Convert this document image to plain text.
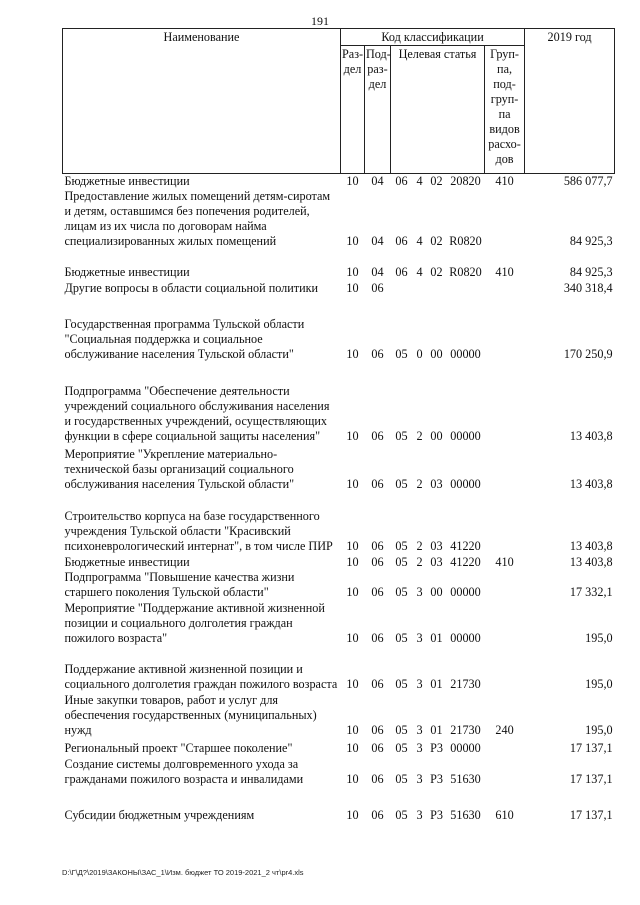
191
Наименование	Код классификации							2019 год
	Раз-дел	Под-раз-дел	Целевая статья				Груп-па, под-груп-па видов расхо-дов	
Бюджетные инвестиции	10	04	06	4	02	20820	410	586 077,7
Предоставление жилых помещений детям-сиротам и детям, оставшимся без попечения родителей, лицам из их числа по договорам найма специализированных жилых помещений	10	04	06	4	02	R0820		84 925,3
Бюджетные инвестиции	10	04	06	4	02	R0820	410	84 925,3
Другие вопросы в области социальной политики	10	06						340 318,4
Государственная программа Тульской области "Социальная поддержка и социальное обслуживание населения Тульской области"	10	06	05	0	00	00000		170 250,9
Подпрограмма "Обеспечение деятельности учреждений социального обслуживания населения и государственных учреждений, осуществляющих функции в сфере социальной защиты населения"	10	06	05	2	00	00000		13 403,8
Мероприятие "Укрепление материально-технической базы организаций социального обслуживания населения Тульской области"	10	06	05	2	03	00000		13 403,8
Строительство корпуса на базе государственного учреждения Тульской области "Красивский психоневрологический интернат", в том числе ПИР	10	06	05	2	03	41220		13 403,8
Бюджетные инвестиции	10	06	05	2	03	41220	410	13 403,8
Подпрограмма "Повышение качества жизни старшего поколения Тульской области"	10	06	05	3	00	00000		17 332,1
Мероприятие "Поддержание активной жизненной позиции и социального долголетия граждан пожилого возраста"	10	06	05	3	01	00000		195,0
Поддержание активной жизненной позиции и социального долголетия граждан пожилого возраста	10	06	05	3	01	21730		195,0
Иные закупки товаров, работ и услуг для обеспечения государственных (муниципальных) нужд	10	06	05	3	01	21730	240	195,0
Региональный проект "Старшее поколение"	10	06	05	3	P3	00000		17 137,1
Создание системы долговременного ухода за гражданами пожилого возраста и инвалидами	10	06	05	3	P3	51630		17 137,1
Субсидии бюджетным учреждениям	10	06	05	3	P3	51630	610	17 137,1
D:\Г\Д?\2019\ЗАКОНЫ\ЗАС_1\Изм. бюджет ТО 2019-2021_2 чт\pr4.xls
